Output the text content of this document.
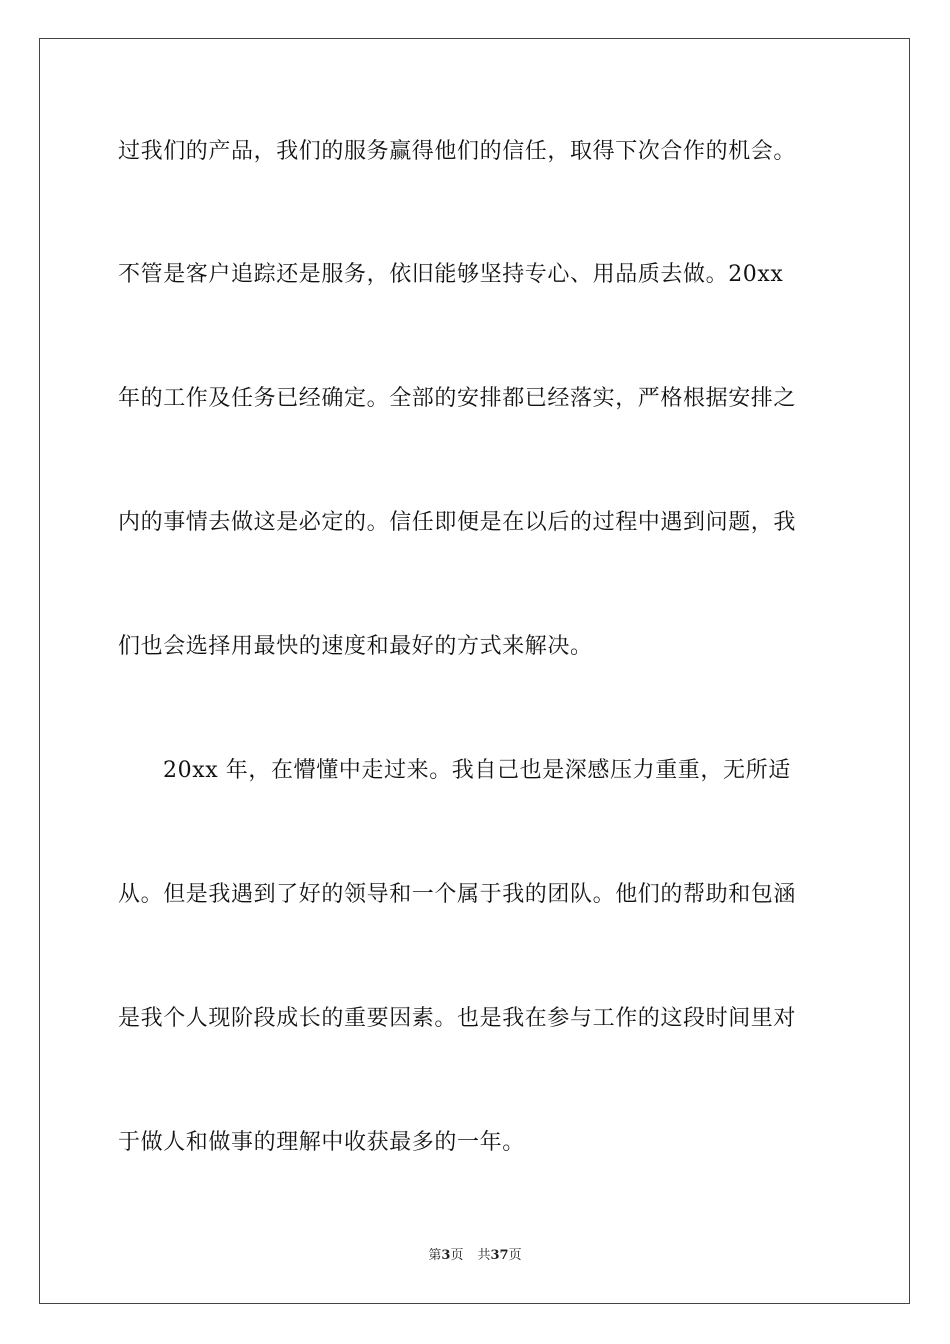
过我们的产品，我们的服务赢得他们的信任，取得下次合作的机会。
不管是客户追踪还是服务，依旧能够坚持专心、用品质去做。20xx
年的工作及任务已经确定。全部的安排都已经落实，严格根据安排之
内的事情去做这是必定的。信任即便是在以后的过程中遇到问题，我
们也会选择用最快的速度和最好的方式来解决。
20xx 年，在懵懂中走过来。我自己也是深感压力重重，无所适
从。但是我遇到了好的领导和一个属于我的团队。他们的帮助和包涵
是我个人现阶段成长的重要因素。也是我在参与工作的这段时间里对
于做人和做事的理解中收获最多的一年。
第3页 共37页
